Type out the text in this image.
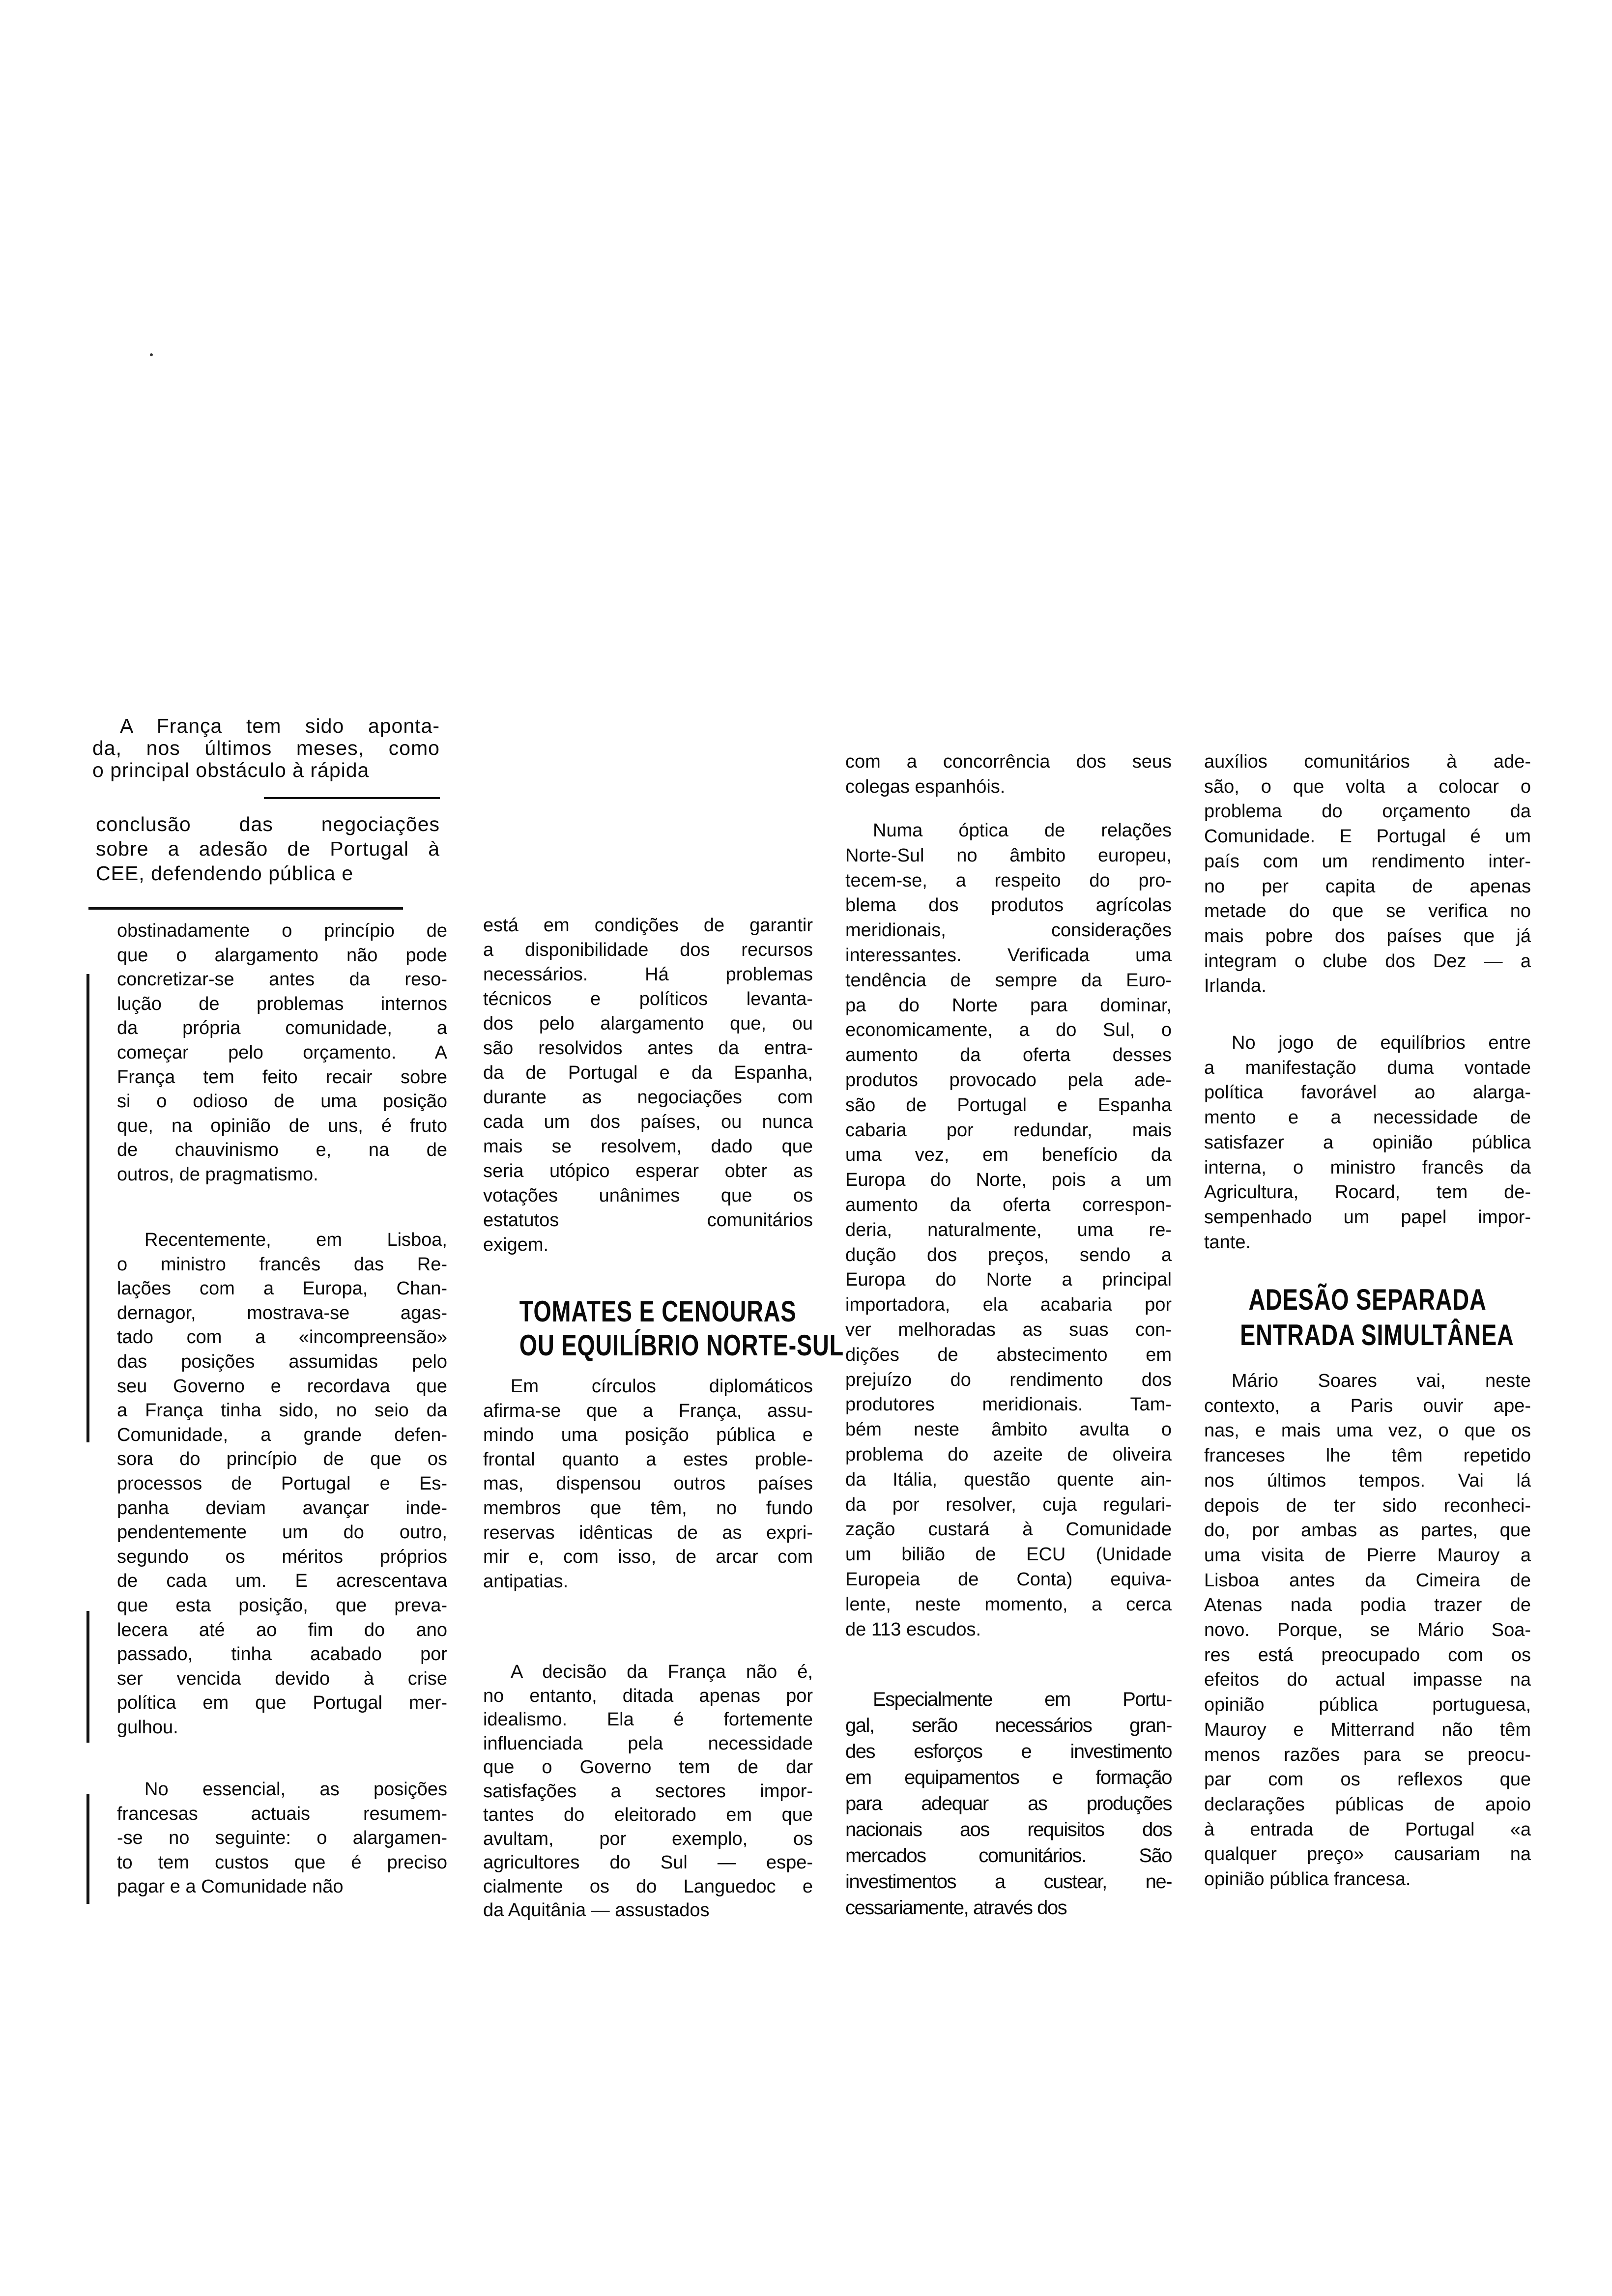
A França tem sido aponta-
da, nos últimos meses, como
o principal obstáculo à rápida
conclusão das negociações
sobre a adesão de Portugal à
CEE, defendendo pública e
obstinadamente o princípio de
que o alargamento não pode
concretizar-se antes da reso-
lução de problemas internos
da própria comunidade, a
começar pelo orçamento. A
França tem feito recair sobre
si o odioso de uma posição
que, na opinião de uns, é fruto
de chauvinismo e, na de
outros, de pragmatismo.
Recentemente, em Lisboa,
o ministro francês das Re-
lações com a Europa, Chan-
dernagor, mostrava-se agas-
tado com a «incompreensão»
das posições assumidas pelo
seu Governo e recordava que
a França tinha sido, no seio da
Comunidade, a grande defen-
sora do princípio de que os
processos de Portugal e Es-
panha deviam avançar inde-
pendentemente um do outro,
segundo os méritos próprios
de cada um. E acrescentava
que esta posição, que preva-
lecera até ao fim do ano
passado, tinha acabado por
ser vencida devido à crise
política em que Portugal mer-
gulhou.
No essencial, as posições
francesas actuais resumem-
-se no seguinte: o alargamen-
to tem custos que é preciso
pagar e a Comunidade não
está em condições de garantir
a disponibilidade dos recursos
necessários. Há problemas
técnicos e políticos levanta-
dos pelo alargamento que, ou
são resolvidos antes da entra-
da de Portugal e da Espanha,
durante as negociações com
cada um dos países, ou nunca
mais se resolvem, dado que
seria utópico esperar obter as
votações unânimes que os
estatutos comunitários
exigem.
TOMATES E CENOURAS
OU EQUILÍBRIO NORTE-SUL
Em círculos diplomáticos
afirma-se que a França, assu-
mindo uma posição pública e
frontal quanto a estes proble-
mas, dispensou outros países
membros que têm, no fundo
reservas idênticas de as expri-
mir e, com isso, de arcar com
antipatias.
A decisão da França não é,
no entanto, ditada apenas por
idealismo. Ela é fortemente
influenciada pela necessidade
que o Governo tem de dar
satisfações a sectores impor-
tantes do eleitorado em que
avultam, por exemplo, os
agricultores do Sul — espe-
cialmente os do Languedoc e
da Aquitânia — assustados
com a concorrência dos seus
colegas espanhóis.
Numa óptica de relações
Norte-Sul no âmbito europeu,
tecem-se, a respeito do pro-
blema dos produtos agrícolas
meridionais, considerações
interessantes. Verificada uma
tendência de sempre da Euro-
pa do Norte para dominar,
economicamente, a do Sul, o
aumento da oferta desses
produtos provocado pela ade-
são de Portugal e Espanha
cabaria por redundar, mais
uma vez, em benefício da
Europa do Norte, pois a um
aumento da oferta correspon-
deria, naturalmente, uma re-
dução dos preços, sendo a
Europa do Norte a principal
importadora, ela acabaria por
ver melhoradas as suas con-
dições de abstecimento em
prejuízo do rendimento dos
produtores meridionais. Tam-
bém neste âmbito avulta o
problema do azeite de oliveira
da Itália, questão quente ain-
da por resolver, cuja regulari-
zação custará à Comunidade
um bilião de ECU (Unidade
Europeia de Conta) equiva-
lente, neste momento, a cerca
de 113 escudos.
Especialmente em Portu-
gal, serão necessários gran-
des esforços e investimento
em equipamentos e formação
para adequar as produções
nacionais aos requisitos dos
mercados comunitários. São
investimentos a custear, ne-
cessariamente, através dos
auxílios comunitários à ade-
são, o que volta a colocar o
problema do orçamento da
Comunidade. E Portugal é um
país com um rendimento inter-
no per capita de apenas
metade do que se verifica no
mais pobre dos países que já
integram o clube dos Dez — a
Irlanda.
No jogo de equilíbrios entre
a manifestação duma vontade
política favorável ao alarga-
mento e a necessidade de
satisfazer a opinião pública
interna, o ministro francês da
Agricultura, Rocard, tem de-
sempenhado um papel impor-
tante.
ADESÃO SEPARADA
ENTRADA SIMULTÂNEA
Mário Soares vai, neste
contexto, a Paris ouvir ape-
nas, e mais uma vez, o que os
franceses lhe têm repetido
nos últimos tempos. Vai lá
depois de ter sido reconheci-
do, por ambas as partes, que
uma visita de Pierre Mauroy a
Lisboa antes da Cimeira de
Atenas nada podia trazer de
novo. Porque, se Mário Soa-
res está preocupado com os
efeitos do actual impasse na
opinião pública portuguesa,
Mauroy e Mitterrand não têm
menos razões para se preocu-
par com os reflexos que
declarações públicas de apoio
à entrada de Portugal «a
qualquer preço» causariam na
opinião pública francesa.
